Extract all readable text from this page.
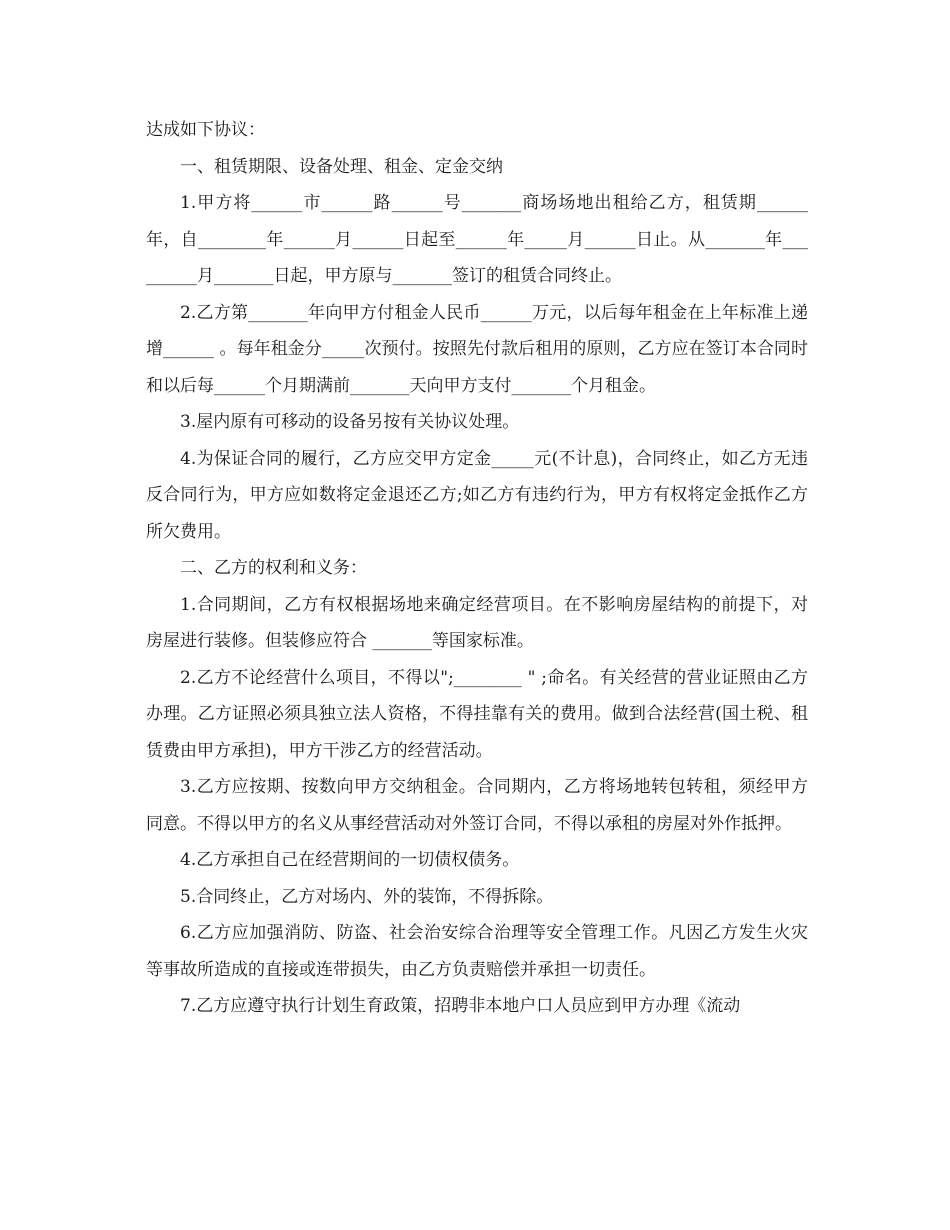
达成如下协议：

一、租赁期限、设备处理、租金、定金交纳

1.甲方将______市______路______号_______商场场地出租给乙方，租赁期______年，自________年______月______日起至______年_____月______日止。从_______年_________月_______日起，甲方原与_______签订的租赁合同终止。

2.乙方第_______年向甲方付租金人民币______万元，以后每年租金在上年标准上递增______ 。每年租金分_____次预付。按照先付款后租用的原则，乙方应在签订本合同时和以后每______个月期满前_______天向甲方支付_______个月租金。

3.屋内原有可移动的设备另按有关协议处理。

4.为保证合同的履行，乙方应交甲方定金_____元(不计息)，合同终止，如乙方无违反合同行为，甲方应如数将定金退还乙方;如乙方有违约行为，甲方有权将定金抵作乙方所欠费用。

二、乙方的权利和义务：

1.合同期间，乙方有权根据场地来确定经营项目。在不影响房屋结构的前提下，对房屋进行装修。但装修应符合 _______等国家标准。

2.乙方不论经营什么项目，不得以";________ " ;命名。有关经营的营业证照由乙方办理。乙方证照必须具独立法人资格，不得挂靠有关的费用。做到合法经营(国土税、租赁费由甲方承担)，甲方干涉乙方的经营活动。

3.乙方应按期、按数向甲方交纳租金。合同期内，乙方将场地转包转租，须经甲方同意。不得以甲方的名义从事经营活动对外签订合同，不得以承租的房屋对外作抵押。

4.乙方承担自己在经营期间的一切债权债务。

5.合同终止，乙方对场内、外的装饰，不得拆除。

6.乙方应加强消防、防盗、社会治安综合治理等安全管理工作。凡因乙方发生火灾等事故所造成的直接或连带损失，由乙方负责赔偿并承担一切责任。

7.乙方应遵守执行计划生育政策，招聘非本地户口人员应到甲方办理《流动
